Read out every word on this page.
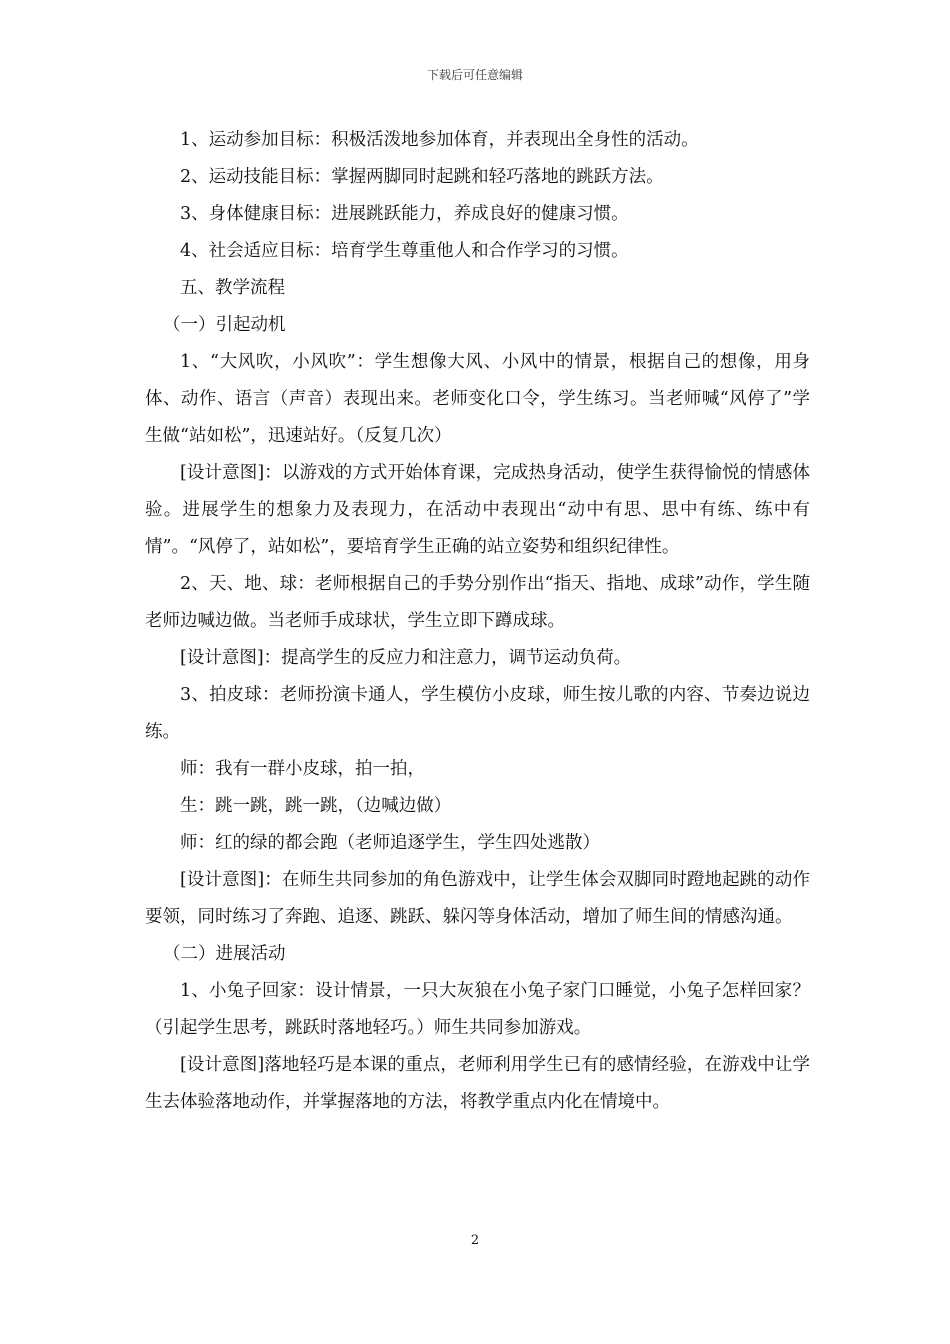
下载后可任意编辑

1、运动参加目标：积极活泼地参加体育，并表现出全身性的活动。

2、运动技能目标：掌握两脚同时起跳和轻巧落地的跳跃方法。

3、身体健康目标：进展跳跃能力，养成良好的健康习惯。

4、社会适应目标：培育学生尊重他人和合作学习的习惯。

五、教学流程

（一）引起动机

1、“大风吹，小风吹”：学生想像大风、小风中的情景，根据自己的想像，用身体、动作、语言（声音）表现出来。老师变化口令，学生练习。当老师喊“风停了”学生做“站如松”，迅速站好。（反复几次）

[设计意图]：以游戏的方式开始体育课，完成热身活动，使学生获得愉悦的情感体验。进展学生的想象力及表现力，在活动中表现出“动中有思、思中有练、练中有情”。“风停了，站如松”，要培育学生正确的站立姿势和组织纪律性。

2、天、地、球：老师根据自己的手势分别作出“指天、指地、成球”动作，学生随老师边喊边做。当老师手成球状，学生立即下蹲成球。

[设计意图]：提高学生的反应力和注意力，调节运动负荷。

3、拍皮球：老师扮演卡通人，学生模仿小皮球，师生按儿歌的内容、节奏边说边练。

师：我有一群小皮球，拍一拍，

生：跳一跳，跳一跳，（边喊边做）

师：红的绿的都会跑（老师追逐学生，学生四处逃散）

[设计意图]：在师生共同参加的角色游戏中，让学生体会双脚同时蹬地起跳的动作要领，同时练习了奔跑、追逐、跳跃、躲闪等身体活动，增加了师生间的情感沟通。

（二）进展活动

1、小兔子回家：设计情景，一只大灰狼在小兔子家门口睡觉，小兔子怎样回家？（引起学生思考，跳跃时落地轻巧。）师生共同参加游戏。

[设计意图]落地轻巧是本课的重点，老师利用学生已有的感情经验，在游戏中让学生去体验落地动作，并掌握落地的方法，将教学重点内化在情境中。

2
